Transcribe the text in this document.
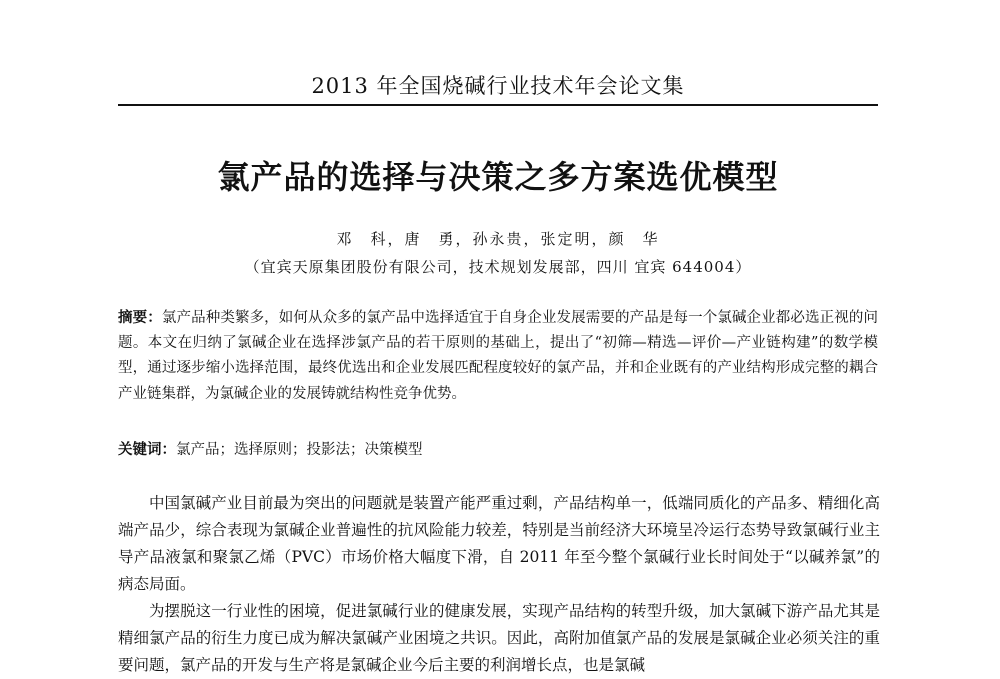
2013 年全国烧碱行业技术年会论文集
氯产品的选择与决策之多方案选优模型
邓　科，唐　勇，孙永贵，张定明，颜　华
（宜宾天原集团股份有限公司，技术规划发展部，四川 宜宾 644004）
摘要：氯产品种类繁多，如何从众多的氯产品中选择适宜于自身企业发展需要的产品是每一个氯碱企业都必选正视的问题。本文在归纳了氯碱企业在选择涉氯产品的若干原则的基础上，提出了“初筛—精选—评价—产业链构建”的数学模型，通过逐步缩小选择范围，最终优选出和企业发展匹配程度较好的氯产品，并和企业既有的产业结构形成完整的耦合产业链集群，为氯碱企业的发展铸就结构性竞争优势。
关键词：氯产品；选择原则；投影法；决策模型

中国氯碱产业目前最为突出的问题就是装置产能严重过剩，产品结构单一，低端同质化的产品多、精细化高端产品少，综合表现为氯碱企业普遍性的抗风险能力较差，特别是当前经济大环境呈冷运行态势导致氯碱行业主导产品液氯和聚氯乙烯（PVC）市场价格大幅度下滑，自 2011 年至今整个氯碱行业长时间处于“以碱养氯”的病态局面。

为摆脱这一行业性的困境，促进氯碱行业的健康发展，实现产品结构的转型升级，加大氯碱下游产品尤其是精细氯产品的衍生力度已成为解决氯碱产业困境之共识。因此，高附加值氯产品的发展是氯碱企业必须关注的重要问题，氯产品的开发与生产将是氯碱企业今后主要的利润增长点，也是氯碱
